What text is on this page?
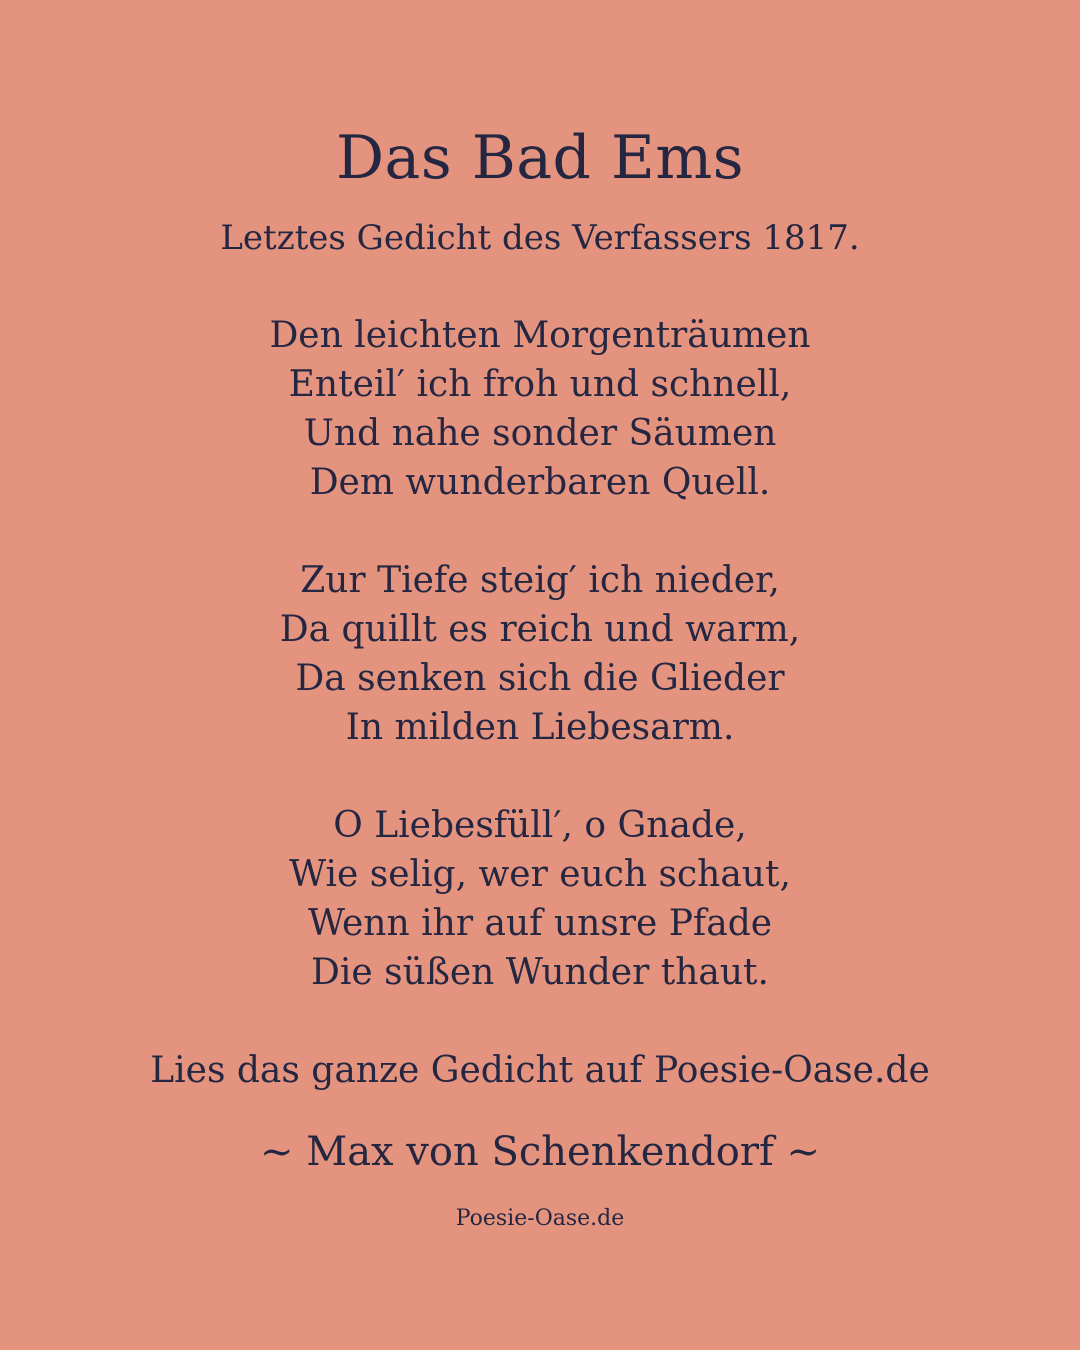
Das Bad Ems
Letztes Gedicht des Verfassers 1817.
Den leichten Morgenträumen
Enteil′ ich froh und schnell,
Und nahe sonder Säumen
Dem wunderbaren Quell.
Zur Tiefe steig′ ich nieder,
Da quillt es reich und warm,
Da senken sich die Glieder
In milden Liebesarm.
O Liebesfüll′, o Gnade,
Wie selig, wer euch schaut,
Wenn ihr auf unsre Pfade
Die süßen Wunder thaut.
Lies das ganze Gedicht auf Poesie-Oase.de
~ Max von Schenkendorf ~
Poesie-Oase.de
